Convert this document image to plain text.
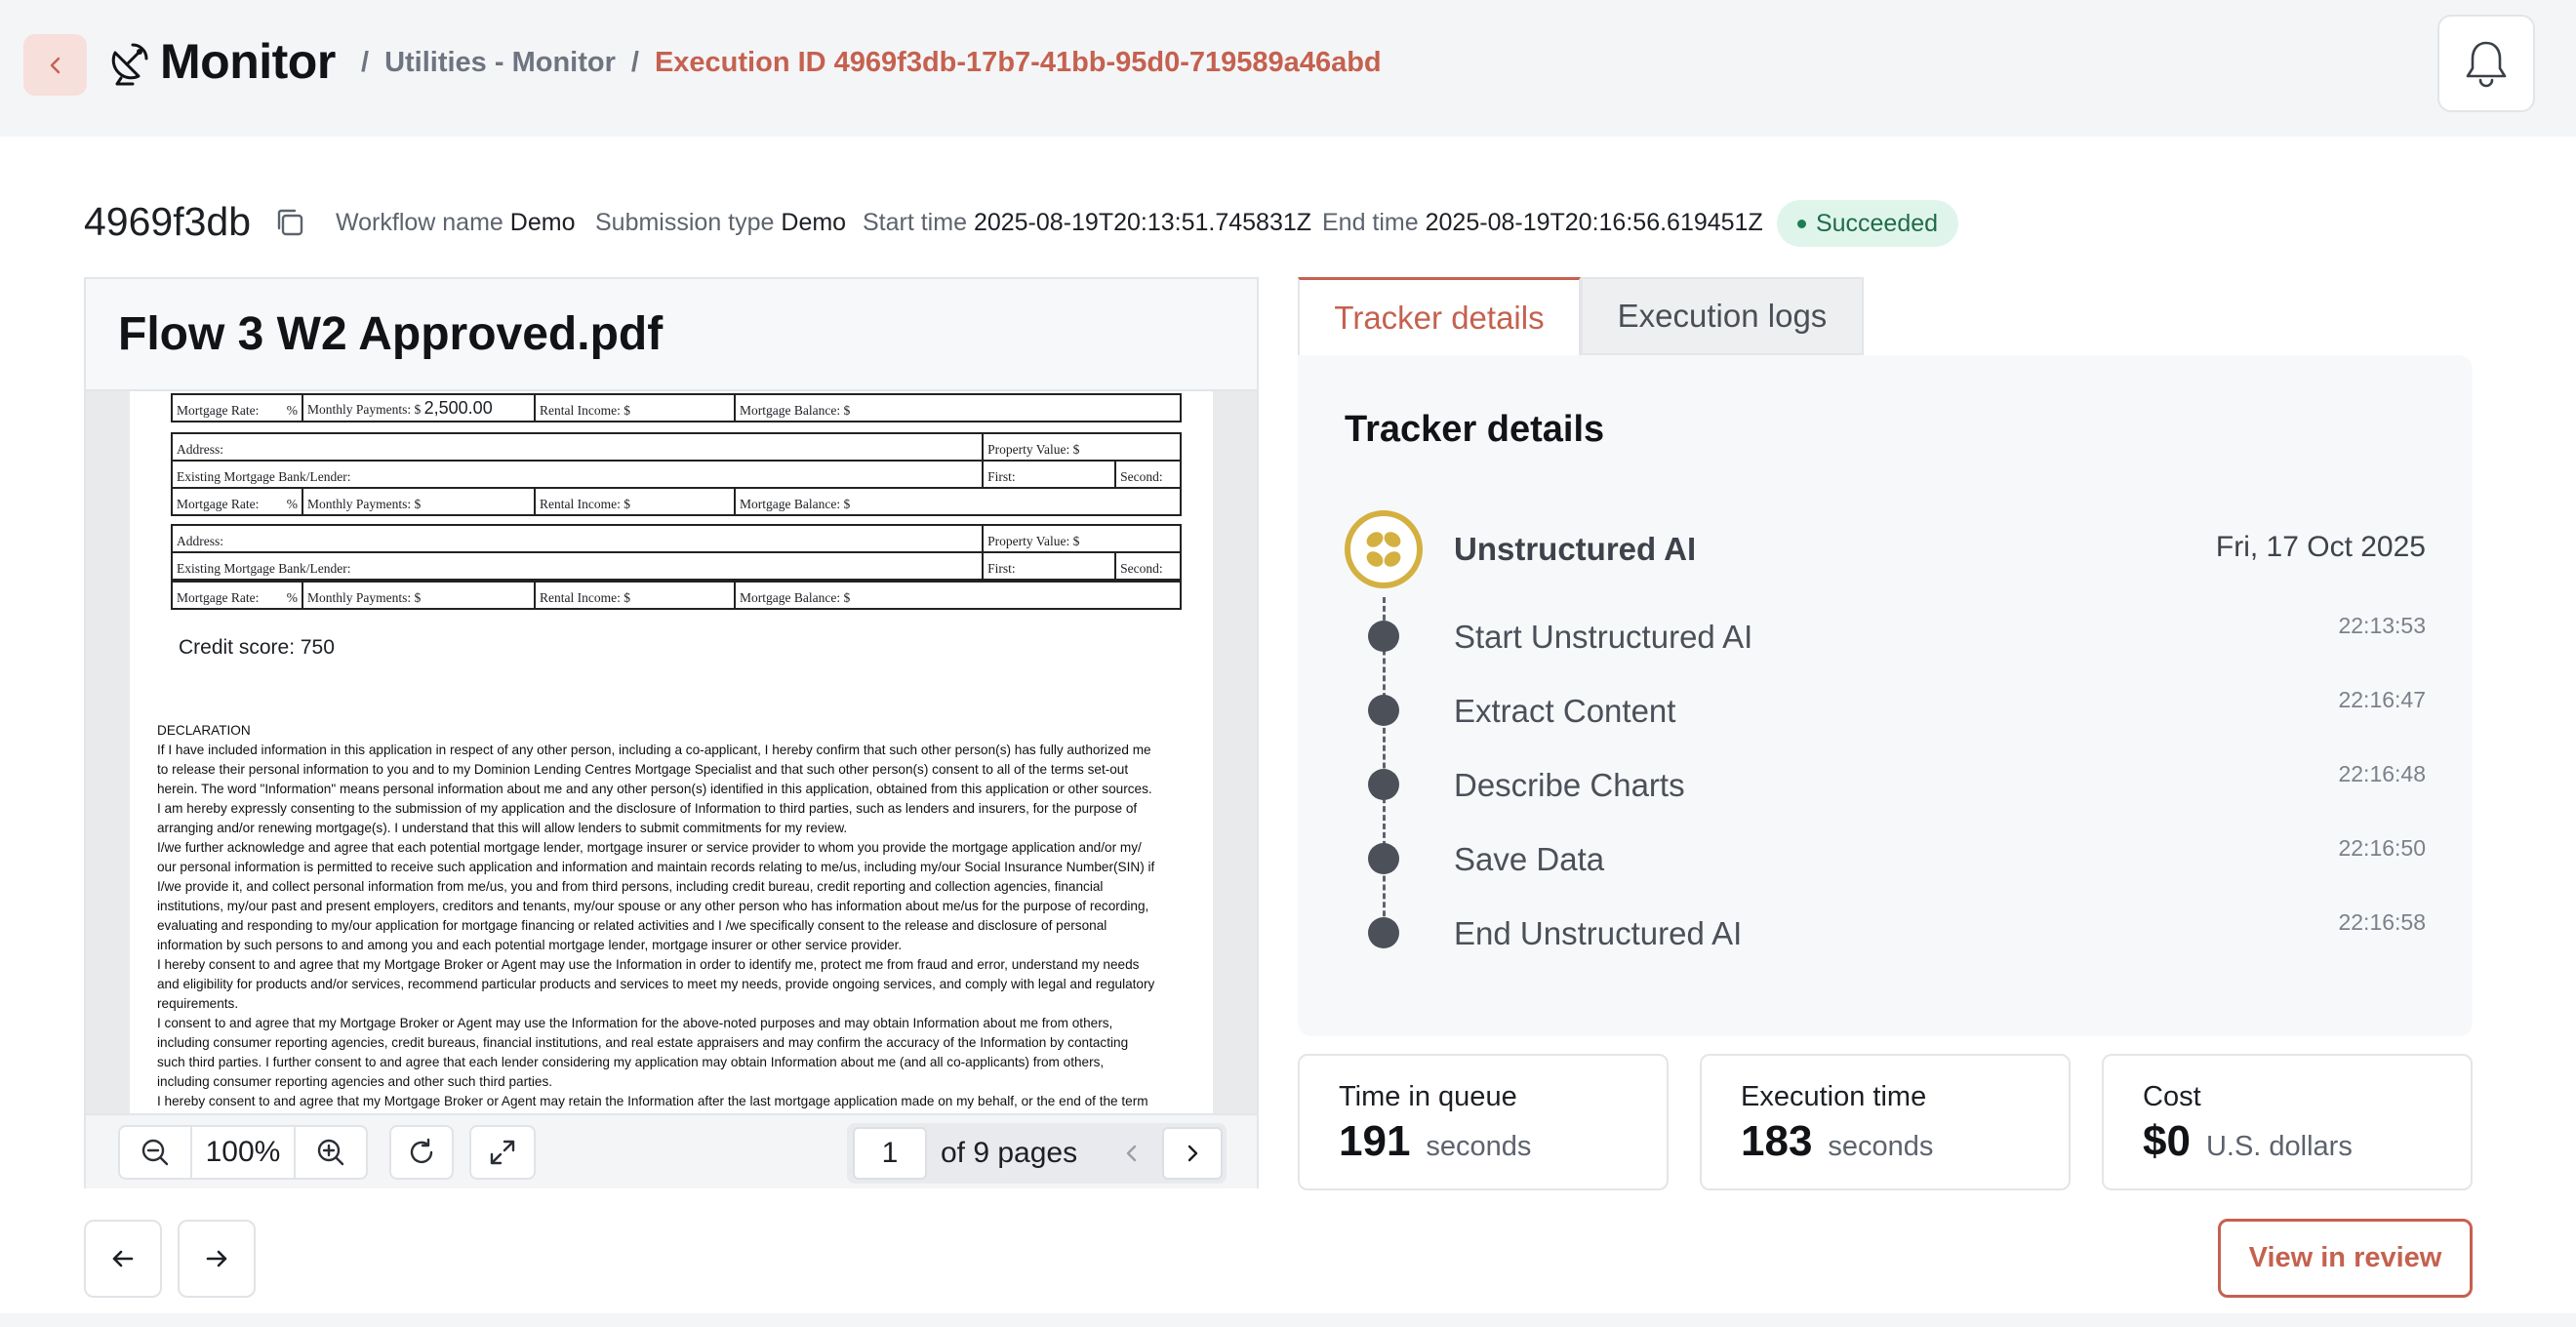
Monitor / Utilities - Monitor / Execution ID 4969f3db-17b7-41bb-95d0-719589a46abd
4969f3db	Workflow name Demo Submission type Demo Start time 2025-08-19T20:13:51.745831Z End time 2025-08-19T20:16:56.619451Z Succeeded
Flow 3 W2 Approved.pdf
Mortgage Rate: %	Monthly Payments: $ 2,500.00	Rental Income: $	Mortgage Balance: $
Address:	Property Value: $	
Existing Mortgage Bank/Lender:	First:	Second:
Mortgage Rate: %	Monthly Payments: $	Rental Income: $	Mortgage Balance: $
Address:	Property Value: $	
Existing Mortgage Bank/Lender:	First:	Second:
Mortgage Rate: %	Monthly Payments: $	Rental Income: $	Mortgage Balance: $
Credit score: 750

DECLARATION

If I have included information in this application in respect of any other person, including a co-applicant, I hereby confirm that such other person(s) has fully authorized me

to release their personal information to you and to my Dominion Lending Centres Mortgage Specialist and that such other person(s) consent to all of the terms set-out

herein. The word "Information" means personal information about me and any other person(s) identified in this application, obtained from this application or other sources.

I am hereby expressly consenting to the submission of my application and the disclosure of Information to third parties, such as lenders and insurers, for the purpose of

arranging and/or renewing mortgage(s). I understand that this will allow lenders to submit commitments for my review.

I/we further acknowledge and agree that each potential mortgage lender, mortgage insurer or service provider to whom you provide the mortgage application and/or my/

our personal information is permitted to receive such application and information and maintain records relating to me/us, including my/our Social Insurance Number(SIN) if

I/we provide it, and collect personal information from me/us, you and from third persons, including credit bureau, credit reporting and collection agencies, financial

institutions, my/our past and present employers, creditors and tenants, my/our spouse or any other person who has information about me/us for the purpose of recording,

evaluating and responding to my/our application for mortgage financing or related activities and I /we specifically consent to the release and disclosure of personal

information by such persons to and among you and each potential mortgage lender, mortgage insurer or other service provider.

I hereby consent to and agree that my Mortgage Broker or Agent may use the Information in order to identify me, protect me from fraud and error, understand my needs

and eligibility for products and/or services, recommend particular products and services to meet my needs, provide ongoing services, and comply with legal and regulatory

requirements.

I consent to and agree that my Mortgage Broker or Agent may use the Information for the above-noted purposes and may obtain Information about me from others,

including consumer reporting agencies, credit bureaus, financial institutions, and real estate appraisers and may confirm the accuracy of the Information by contacting

such third parties. I further consent to and agree that each lender considering my application may obtain Information about me (and all co-applicants) from others,

including consumer reporting agencies and other such third parties.

I hereby consent to and agree that my Mortgage Broker or Agent may retain the Information after the last mortgage application made on my behalf, or the end of the term

100%	1	of 9 pages
Tracker details	Execution logs
Tracker details
Unstructured AI	Fri, 17 Oct 2025
Start Unstructured AI	22:13:53
Extract Content	22:16:47
Describe Charts	22:16:48
Save Data	22:16:50
End Unstructured AI	22:16:58
Time in queue
191 seconds
Execution time
183 seconds
Cost
$0 U.S. dollars
View in review
